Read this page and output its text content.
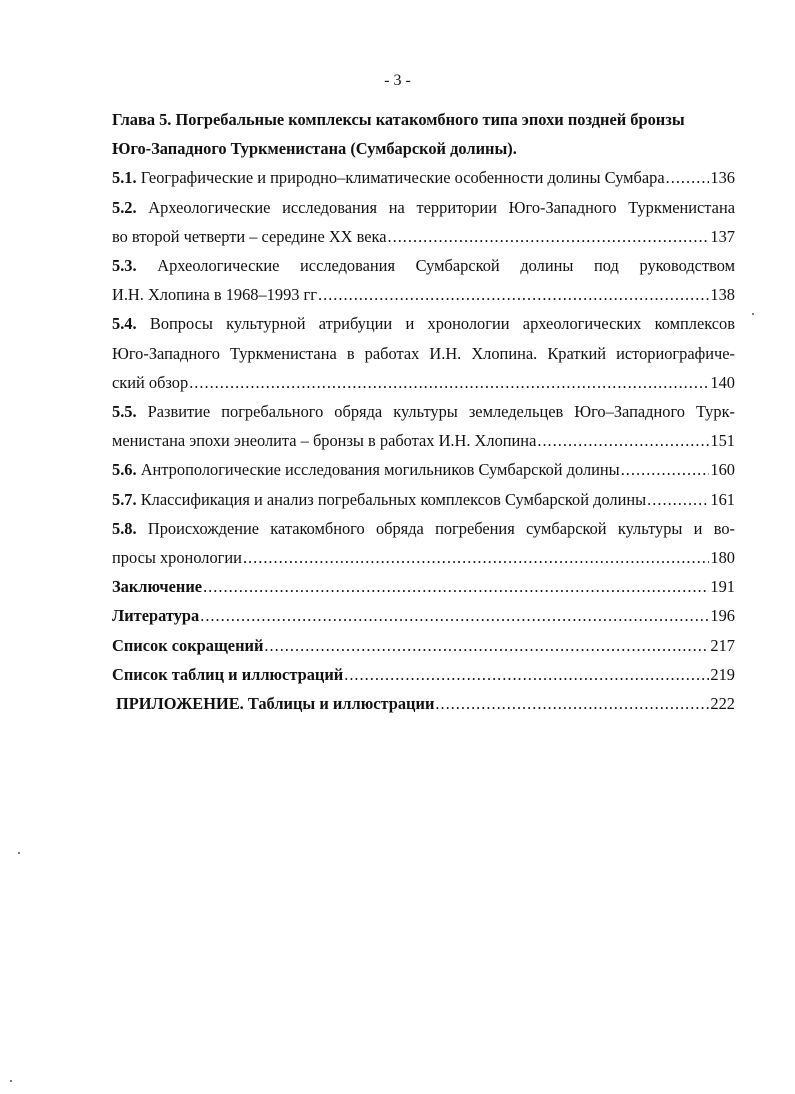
- 3 -
Глава 5. Погребальные комплексы катакомбного типа эпохи поздней бронзы
Юго-Западного Туркменистана (Сумбарской долины).
5.1. Географические и природно–климатические особенности долины Сумбара .....	136
5.2. Археологические исследования на территории Юго-Западного Туркменистана
во второй четверти – середине XX века .....	137
5.3. Археологические исследования Сумбарской долины под руководством
И.Н. Хлопина в 1968–1993 гг .....	138
5.4. Вопросы культурной атрибуции и хронологии археологических комплексов
Юго-Западного Туркменистана в работах И.Н. Хлопина. Краткий историографиче-
ский обзор .....	140
5.5. Развитие погребального обряда культуры земледельцев Юго–Западного Турк-
менистана эпохи энеолита – бронзы в работах И.Н. Хлопина .....	151
5.6. Антропологические исследования могильников Сумбарской долины .....	160
5.7. Классификация и анализ погребальных комплексов Сумбарской долины .....	161
5.8. Происхождение катакомбного обряда погребения сумбарской культуры и во-
просы хронологии .....	180
Заключение .....	191
Литература .....	196
Список сокращений .....	217
Список таблиц и иллюстраций .....	219
ПРИЛОЖЕНИЕ. Таблицы и иллюстрации .....	222
